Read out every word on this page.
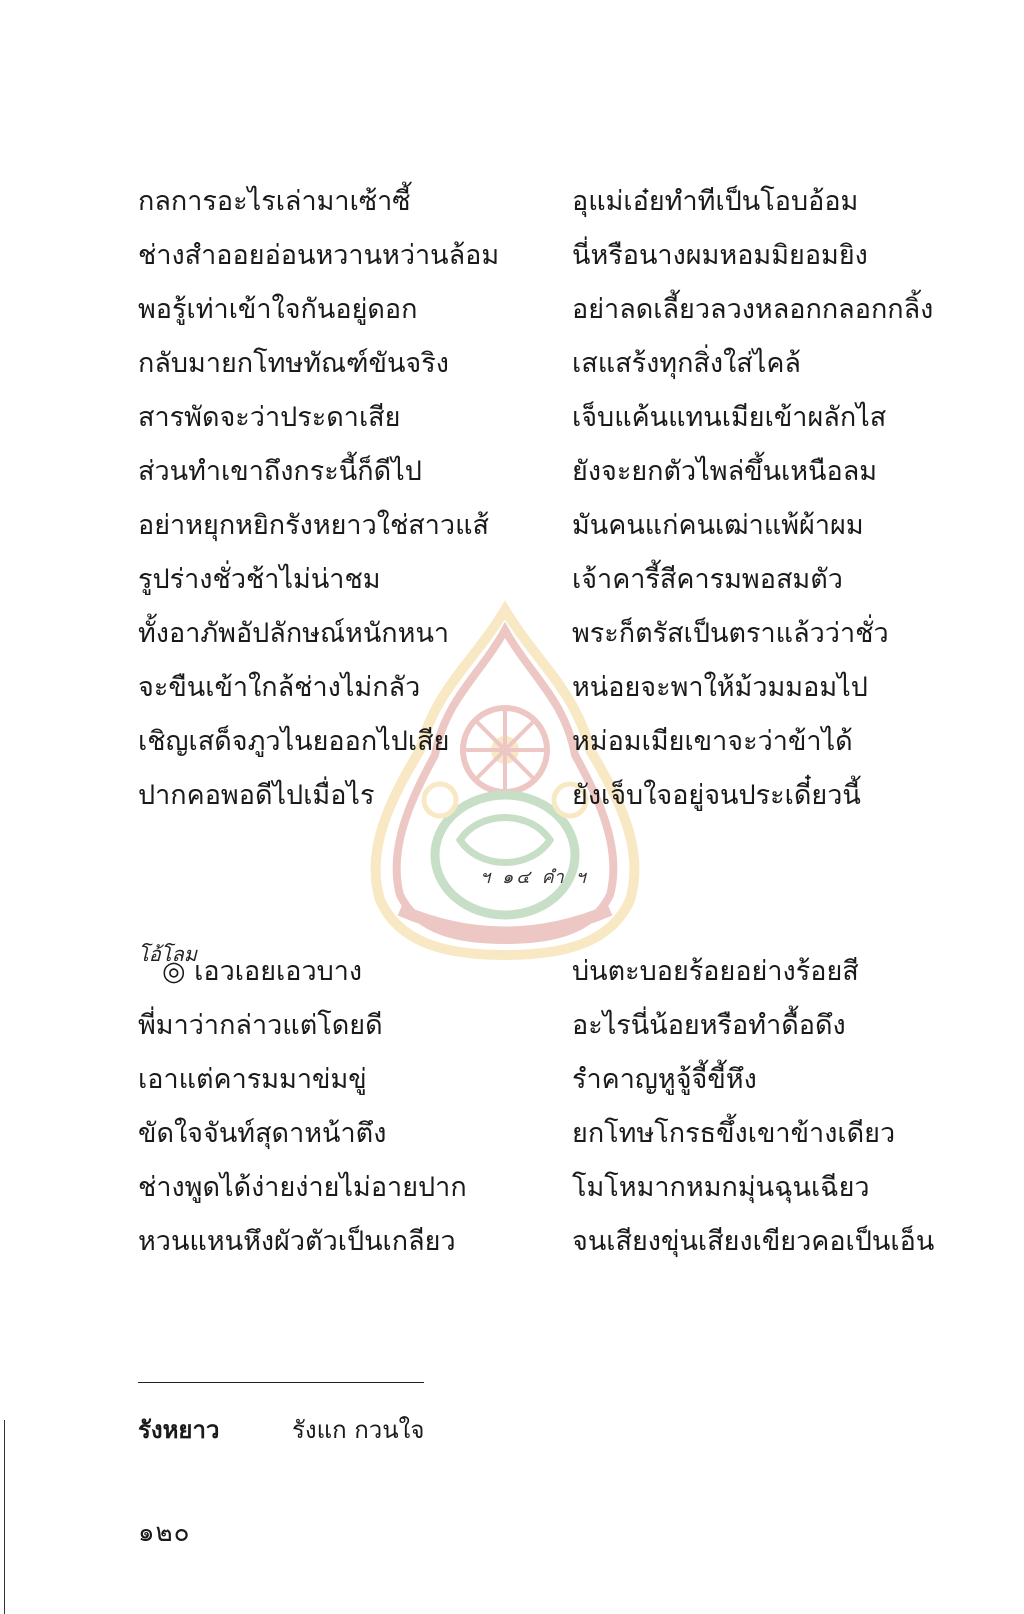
กลการอะไรเล่ามาเซ้าซี้	อุแม่เอ๋ยทำทีเป็นโอบอ้อม
ช่างสำออยอ่อนหวานหว่านล้อม	นี่หรือนางผมหอมมิยอมยิง
พอรู้เท่าเข้าใจกันอยู่ดอก	อย่าลดเลี้ยวลวงหลอกกลอกกลิ้ง
กลับมายกโทษทัณฑ์ขันจริง	เสแสร้งทุกสิ่งใส่ไคล้
สารพัดจะว่าประดาเสีย	เจ็บแค้นแทนเมียเข้าผลักไส
ส่วนทำเขาถึงกระนี้ก็ดีไป	ยังจะยกตัวไพล่ขึ้นเหนือลม
อย่าหยุกหยิกรังหยาวใช่สาวแส้	มันคนแก่คนเฒ่าแพ้ผ้าผม
รูปร่างชั่วช้าไม่น่าชม	เจ้าคารี้สีคารมพอสมตัว
ทั้งอาภัพอัปลักษณ์หนักหนา	พระก็ตรัสเป็นตราแล้วว่าชั่ว
จะขืนเข้าใกล้ช่างไม่กลัว	หน่อยจะพาให้ม้วมมอมไป
เชิญเสด็จภูวไนยออกไปเสีย	หม่อมเมียเขาจะว่าข้าได้
ปากคอพอดีไปเมื่อไร	ยังเจ็บใจอยู่จนประเดี๋ยวนี้
ฯ ๑๔ คำ ฯ
โอ้โลม
◎ เอวเอยเอวบาง	บ่นตะบอยร้อยอย่างร้อยสี
พี่มาว่ากล่าวแต่โดยดี	อะไรนี่น้อยหรือทำดื้อดึง
เอาแต่คารมมาข่มขู่	รำคาญหูจู้จี้ขี้หึง
ขัดใจจันท์สุดาหน้าตึง	ยกโทษโกรธขึ้งเขาข้างเดียว
ช่างพูดได้ง่ายง่ายไม่อายปาก	โมโหมากหมกมุ่นฉุนเฉียว
หวนแหนหึงผัวตัวเป็นเกลียว	จนเสียงขุ่นเสียงเขียวคอเป็นเอ็น
รังหยาว	รังแก กวนใจ
๑๒๐
